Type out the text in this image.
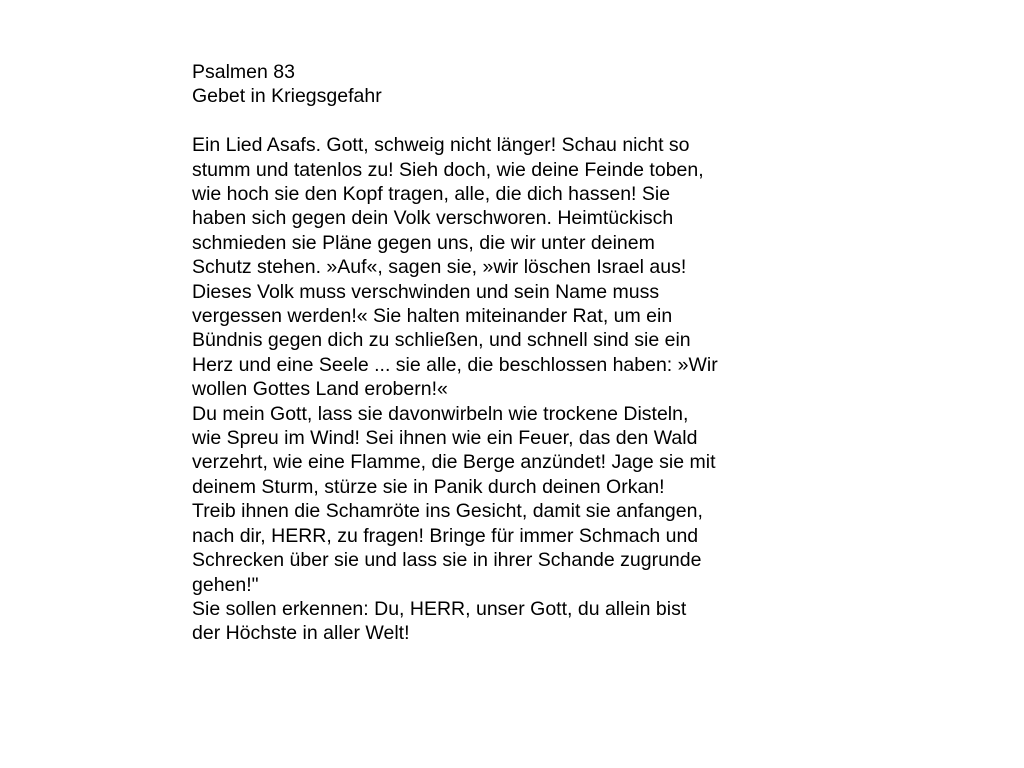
Psalmen 83
Gebet in Kriegsgefahr
Ein Lied Asafs. Gott, schweig nicht länger! Schau nicht so
stumm und tatenlos zu! Sieh doch, wie deine Feinde toben,
wie hoch sie den Kopf tragen, alle, die dich hassen! Sie
haben sich gegen dein Volk verschworen. Heimtückisch
schmieden sie Pläne gegen uns, die wir unter deinem
Schutz stehen. »Auf«, sagen sie, »wir löschen Israel aus!
Dieses Volk muss verschwinden und sein Name muss
vergessen werden!« Sie halten miteinander Rat, um ein
Bündnis gegen dich zu schließen, und schnell sind sie ein
Herz und eine Seele ... sie alle, die beschlossen haben: »Wir
wollen Gottes Land erobern!«
Du mein Gott, lass sie davonwirbeln wie trockene Disteln,
wie Spreu im Wind! Sei ihnen wie ein Feuer, das den Wald
verzehrt, wie eine Flamme, die Berge anzündet! Jage sie mit
deinem Sturm, stürze sie in Panik durch deinen Orkan!
Treib ihnen die Schamröte ins Gesicht, damit sie anfangen,
nach dir, HERR, zu fragen! Bringe für immer Schmach und
Schrecken über sie und lass sie in ihrer Schande zugrunde
gehen!"
Sie sollen erkennen: Du, HERR, unser Gott, du allein bist
der Höchste in aller Welt!
